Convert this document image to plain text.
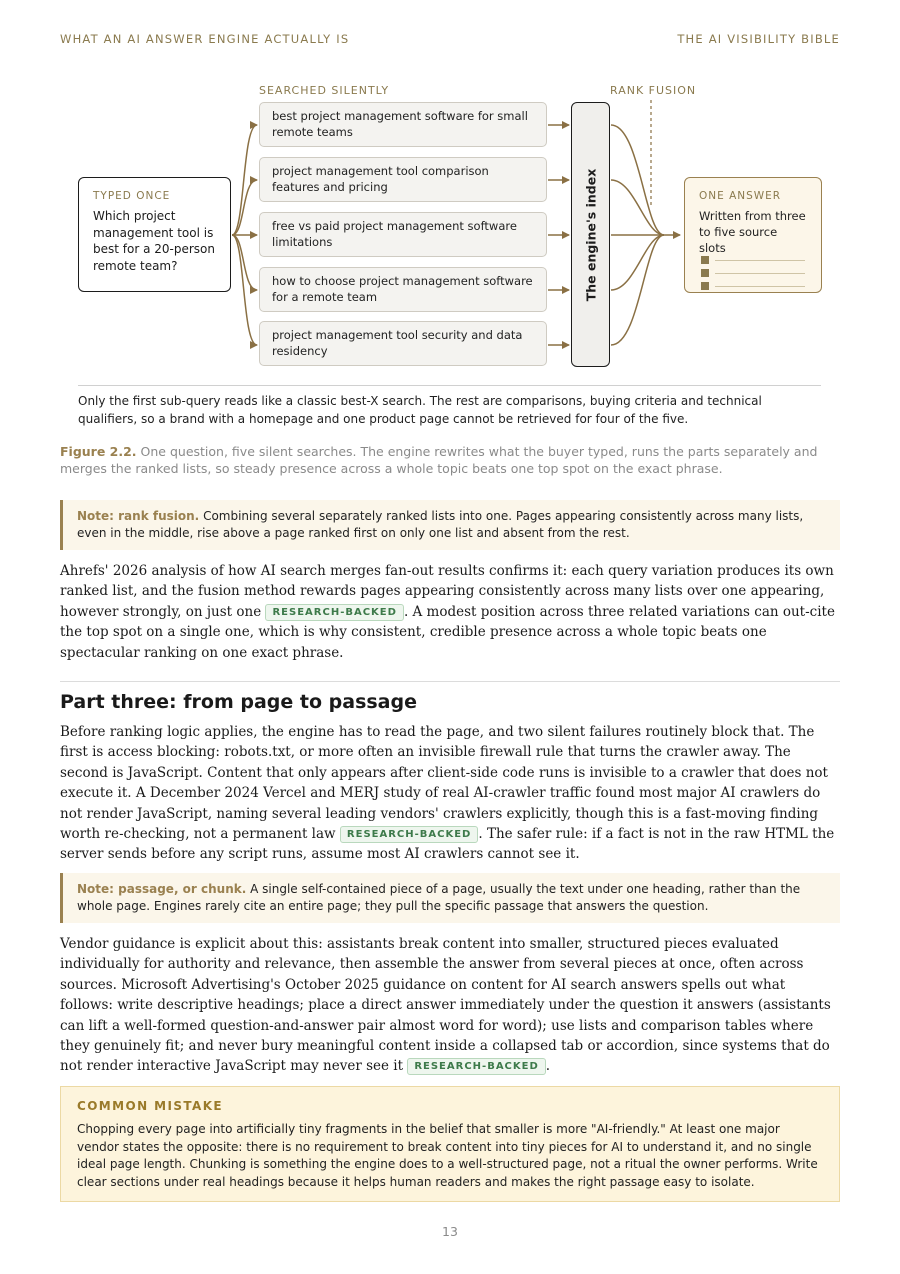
WHAT AN AI ANSWER ENGINE ACTUALLY IS	THE AI VISIBILITY BIBLE
SEARCHED SILENTLY	RANK FUSION
TYPED ONCE
Which project management tool is best for a 20-person remote team?
best project management software for small remote teams
project management tool comparison features and pricing
free vs paid project management software limitations
how to choose project management software for a remote team
project management tool security and data residency
The engine's index	ONE ANSWER
Written from three to five source slots
Only the first sub-query reads like a classic best-X search. The rest are comparisons, buying criteria and technical qualifiers, so a brand with a homepage and one product page cannot be retrieved for four of the five.
Figure 2.2. One question, five silent searches. The engine rewrites what the buyer typed, runs the parts separately and merges the ranked lists, so steady presence across a whole topic beats one top spot on the exact phrase.
Note: rank fusion. Combining several separately ranked lists into one. Pages appearing consistently across many lists, even in the middle, rise above a page ranked first on only one list and absent from the rest.
Ahrefs' 2026 analysis of how AI search merges fan-out results confirms it: each query variation produces its own ranked list, and the fusion method rewards pages appearing consistently across many lists over one appearing, however strongly, on just one RESEARCH-BACKED . A modest position across three related variations can out-cite the top spot on a single one, which is why consistent, credible presence across a whole topic beats one spectacular ranking on one exact phrase.
Part three: from page to passage
Before ranking logic applies, the engine has to read the page, and two silent failures routinely block that. The first is access blocking: robots.txt, or more often an invisible firewall rule that turns the crawler away. The second is JavaScript. Content that only appears after client-side code runs is invisible to a crawler that does not execute it. A December 2024 Vercel and MERJ study of real AI-crawler traffic found most major AI crawlers do not render JavaScript, naming several leading vendors' crawlers explicitly, though this is a fast-moving finding worth re-checking, not a permanent law RESEARCH-BACKED . The safer rule: if a fact is not in the raw HTML the server sends before any script runs, assume most AI crawlers cannot see it.
Note: passage, or chunk. A single self-contained piece of a page, usually the text under one heading, rather than the whole page. Engines rarely cite an entire page; they pull the specific passage that answers the question.
Vendor guidance is explicit about this: assistants break content into smaller, structured pieces evaluated individually for authority and relevance, then assemble the answer from several pieces at once, often across sources. Microsoft Advertising's October 2025 guidance on content for AI search answers spells out what follows: write descriptive headings; place a direct answer immediately under the question it answers (assistants can lift a well-formed question-and-answer pair almost word for word); use lists and comparison tables where they genuinely fit; and never bury meaningful content inside a collapsed tab or accordion, since systems that do not render interactive JavaScript may never see it RESEARCH-BACKED .
COMMON MISTAKE
Chopping every page into artificially tiny fragments in the belief that smaller is more "AI-friendly." At least one major vendor states the opposite: there is no requirement to break content into tiny pieces for AI to understand it, and no single ideal page length. Chunking is something the engine does to a well-structured page, not a ritual the owner performs. Write clear sections under real headings because it helps human readers and makes the right passage easy to isolate.
13
